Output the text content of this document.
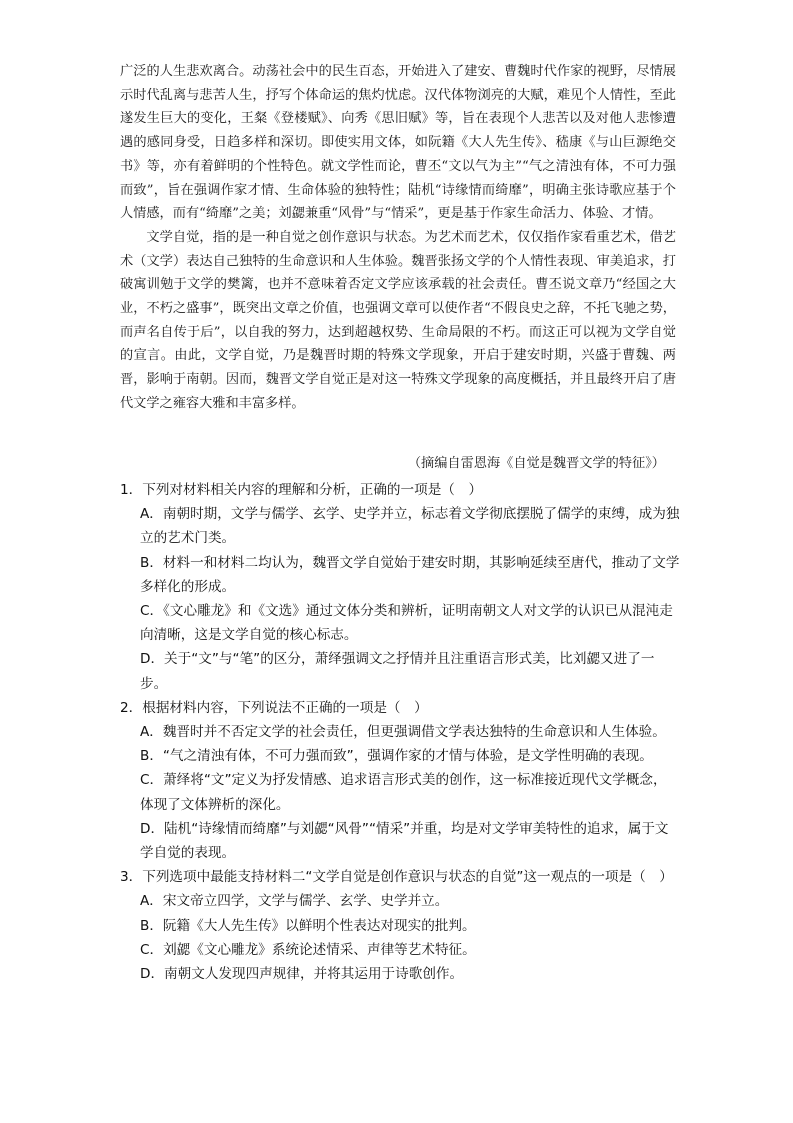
广泛的人生悲欢离合。动荡社会中的民生百态，开始进入了建安、曹魏时代作家的视野，尽情展示时代乱离与悲苦人生，抒写个体命运的焦灼忧虑。汉代体物浏亮的大赋，难见个人情性，至此遂发生巨大的变化，王粲《登楼赋》、向秀《思旧赋》等，旨在表现个人悲苦以及对他人悲惨遭遇的感同身受，日趋多样和深切。即使实用文体，如阮籍《大人先生传》、嵇康《与山巨源绝交书》等，亦有着鲜明的个性特色。就文学性而论，曹丕“文以气为主”“气之清浊有体，不可力强而致”，旨在强调作家才情、生命体验的独特性；陆机“诗缘情而绮靡”，明确主张诗歌应基于个人情感，而有“绮靡”之美；刘勰兼重“风骨”与“情采”，更是基于作家生命活力、体验、才情。

文学自觉，指的是一种自觉之创作意识与状态。为艺术而艺术，仅仅指作家看重艺术，借艺术（文学）表达自己独特的生命意识和人生体验。魏晋张扬文学的个人情性表现、审美追求，打破寓训勉于文学的樊篱，也并不意味着否定文学应该承载的社会责任。曹丕说文章乃“经国之大业，不朽之盛事”，既突出文章之价值，也强调文章可以使作者“不假良史之辞，不托飞驰之势，而声名自传于后”，以自我的努力，达到超越权势、生命局限的不朽。而这正可以视为文学自觉的宣言。由此，文学自觉，乃是魏晋时期的特殊文学现象，开启于建安时期，兴盛于曹魏、两晋，影响于南朝。因而，魏晋文学自觉正是对这一特殊文学现象的高度概括，并且最终开启了唐代文学之雍容大雅和丰富多样。

（摘编自雷恩海《自觉是魏晋文学的特征》）

1．下列对材料相关内容的理解和分析，正确的一项是（　）

A．南朝时期，文学与儒学、玄学、史学并立，标志着文学彻底摆脱了儒学的束缚，成为独立的艺术门类。

B．材料一和材料二均认为，魏晋文学自觉始于建安时期，其影响延续至唐代，推动了文学多样化的形成。

C．《文心雕龙》和《文选》通过文体分类和辨析，证明南朝文人对文学的认识已从混沌走向清晰，这是文学自觉的核心标志。

D．关于“文”与“笔”的区分，萧绎强调文之抒情并且注重语言形式美，比刘勰又进了一步。

2．根据材料内容，下列说法不正确的一项是（　）

A．魏晋时并不否定文学的社会责任，但更强调借文学表达独特的生命意识和人生体验。

B．“气之清浊有体，不可力强而致”，强调作家的才情与体验，是文学性明确的表现。

C．萧绎将“文”定义为抒发情感、追求语言形式美的创作，这一标准接近现代文学概念，体现了文体辨析的深化。

D．陆机“诗缘情而绮靡”与刘勰“风骨”“情采”并重，均是对文学审美特性的追求，属于文学自觉的表现。

3．下列选项中最能支持材料二“文学自觉是创作意识与状态的自觉”这一观点的一项是（　）

A．宋文帝立四学，文学与儒学、玄学、史学并立。

B．阮籍《大人先生传》以鲜明个性表达对现实的批判。

C．刘勰《文心雕龙》系统论述情采、声律等艺术特征。

D．南朝文人发现四声规律，并将其运用于诗歌创作。
